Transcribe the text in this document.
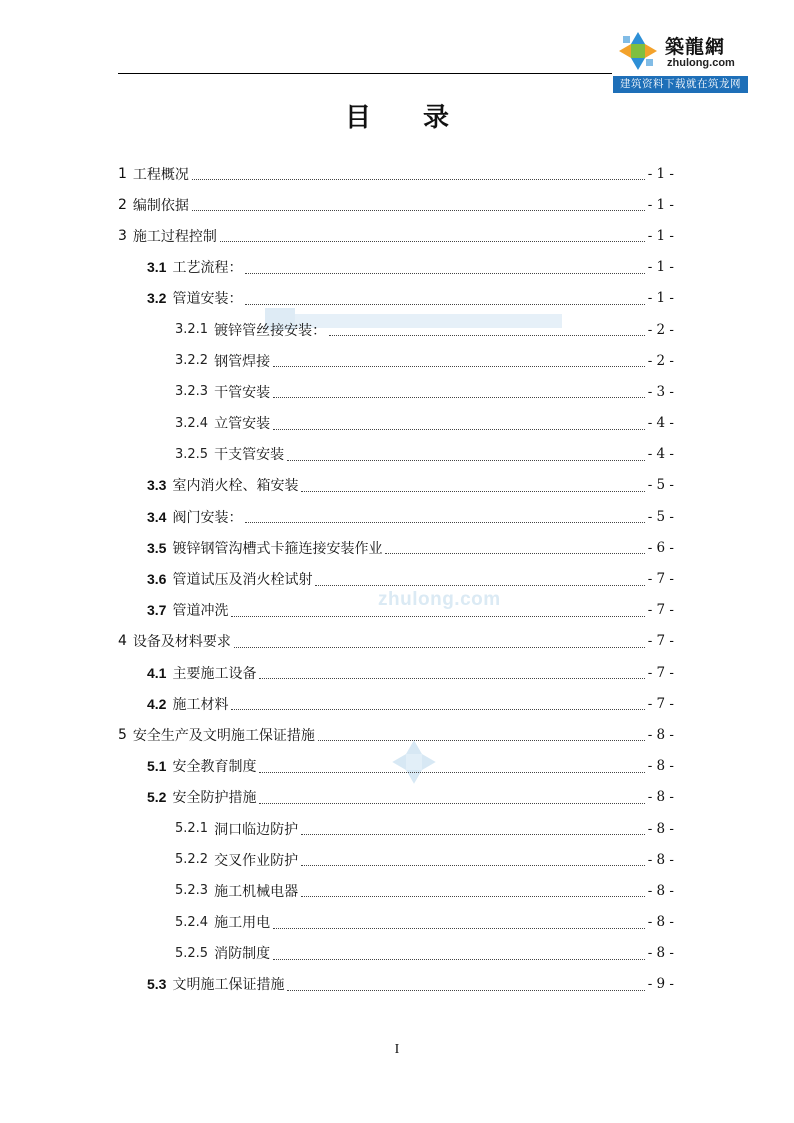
築龍網
zhulong.com
建筑资料下载就在筑龙网
zhulong.com
目 录
1 工程概况	- 1 -
2 编制依据	- 1 -
3 施工过程控制	- 1 -
3.1 工艺流程：	- 1 -
3.2 管道安装：	- 1 -
3.2.1 镀锌管丝接安装：	- 2 -
3.2.2 钢管焊接	- 2 -
3.2.3 干管安装	- 3 -
3.2.4 立管安装	- 4 -
3.2.5 干支管安装	- 4 -
3.3 室内消火栓、箱安装	- 5 -
3.4 阀门安装：	- 5 -
3.5 镀锌钢管沟槽式卡箍连接安装作业	- 6 -
3.6 管道试压及消火栓试射	- 7 -
3.7 管道冲洗	- 7 -
4 设备及材料要求	- 7 -
4.1 主要施工设备	- 7 -
4.2 施工材料	- 7 -
5 安全生产及文明施工保证措施	- 8 -
5.1 安全教育制度	- 8 -
5.2 安全防护措施	- 8 -
5.2.1 洞口临边防护	- 8 -
5.2.2 交叉作业防护	- 8 -
5.2.3 施工机械电器	- 8 -
5.2.4 施工用电	- 8 -
5.2.5 消防制度	- 8 -
5.3 文明施工保证措施	- 9 -
I
